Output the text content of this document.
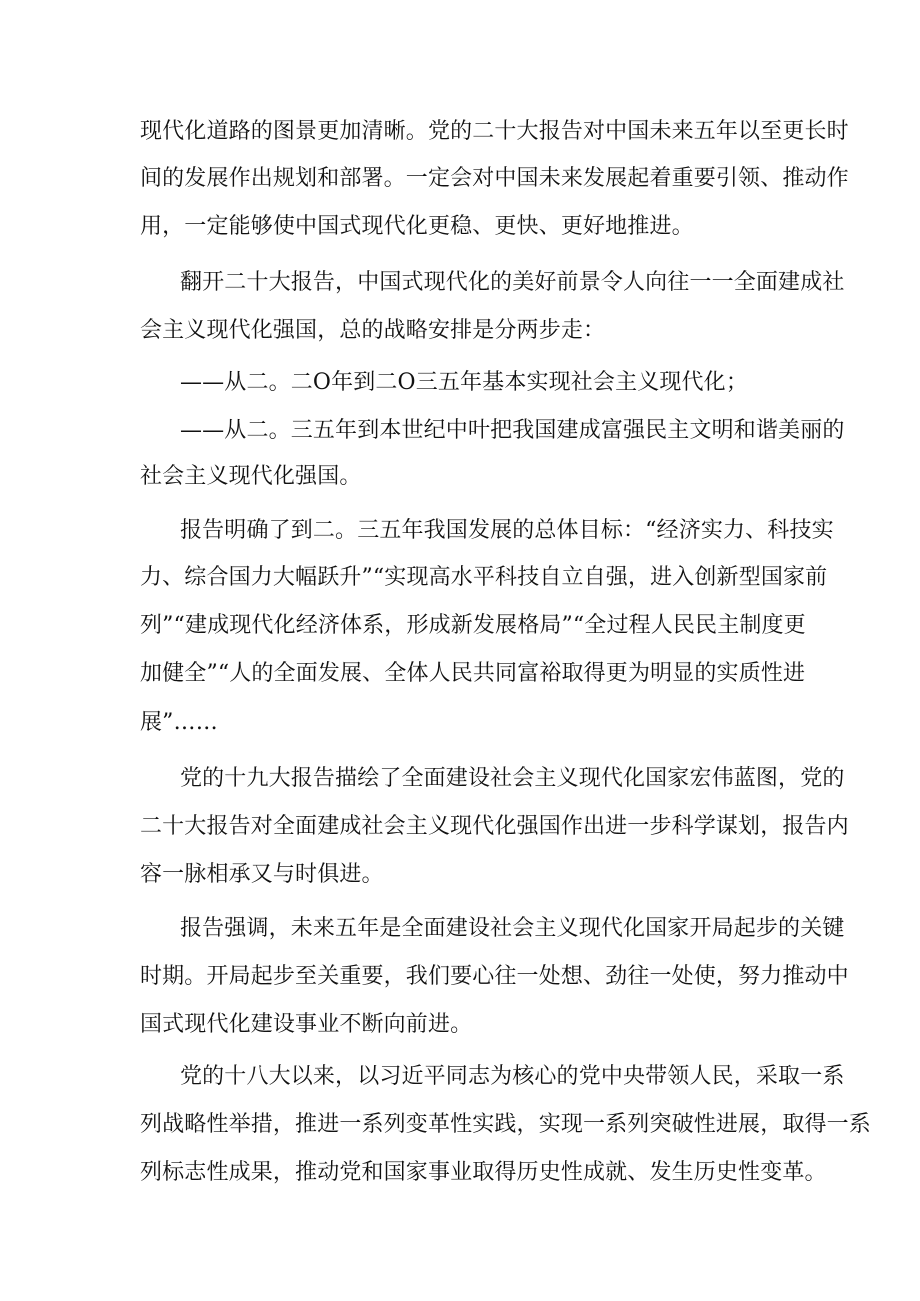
现代化道路的图景更加清晰。党的二十大报告对中国未来五年以至更长时
间的发展作出规划和部署。一定会对中国未来发展起着重要引领、推动作
用，一定能够使中国式现代化更稳、更快、更好地推进。
翻开二十大报告，中国式现代化的美好前景令人向往一一全面建成社
会主义现代化强国，总的战略安排是分两步走：
——从二。二O年到二O三五年基本实现社会主义现代化；
——从二。三五年到本世纪中叶把我国建成富强民主文明和谐美丽的
社会主义现代化强国。
报告明确了到二。三五年我国发展的总体目标：“经济实力、科技实
力、综合国力大幅跃升”“实现高水平科技自立自强，进入创新型国家前
列”“建成现代化经济体系，形成新发展格局”“全过程人民民主制度更
加健全”“人的全面发展、全体人民共同富裕取得更为明显的实质性进
展”……
党的十九大报告描绘了全面建设社会主义现代化国家宏伟蓝图，党的
二十大报告对全面建成社会主义现代化强国作出进一步科学谋划，报告内
容一脉相承又与时俱进。
报告强调，未来五年是全面建设社会主义现代化国家开局起步的关键
时期。开局起步至关重要，我们要心往一处想、劲往一处使，努力推动中
国式现代化建设事业不断向前进。
党的十八大以来，以习近平同志为核心的党中央带领人民，采取一系
列战略性举措，推进一系列变革性实践，实现一系列突破性进展，取得一系
列标志性成果，推动党和国家事业取得历史性成就、发生历史性变革。
